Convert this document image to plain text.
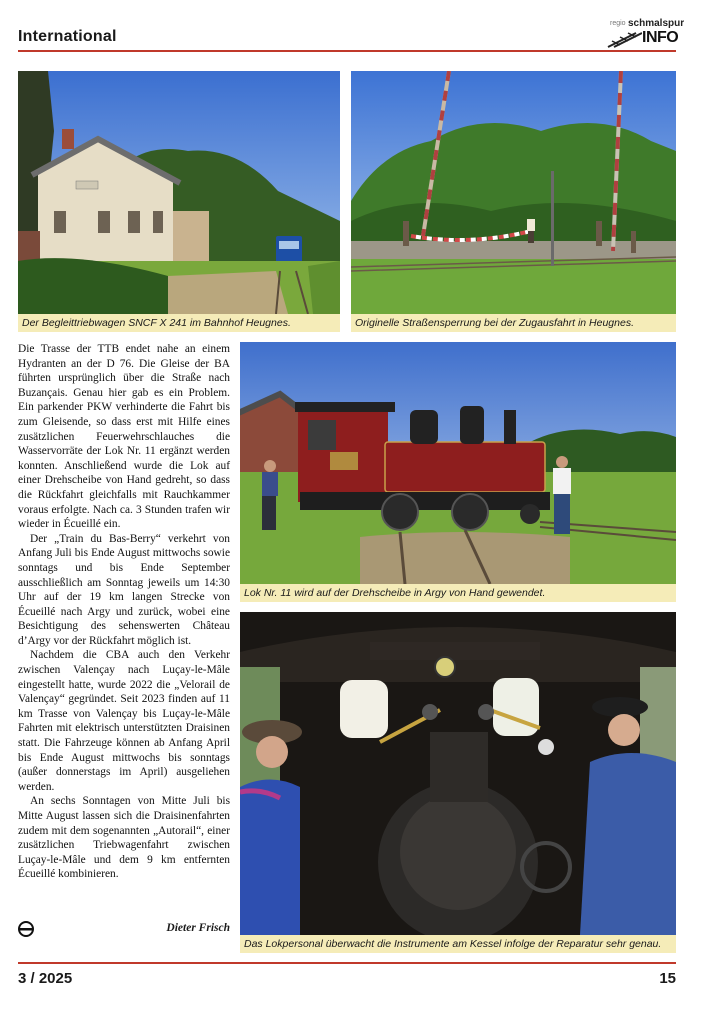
International
regio schmalspur
INFO
Der Begleittriebwagen SNCF X 241 im Bahnhof Heugnes.	Originelle Straßensperrung bei der Zugausfahrt in Heugnes.
Lok Nr. 11 wird auf der Drehscheibe in Argy von Hand gewendet.
Das Lokpersonal überwacht die Instrumente am Kessel infolge der Reparatur sehr genau.

Die Trasse der TTB endet nahe an einem Hydranten an der D 76. Die Gleise der BA führten ursprünglich über die Straße nach Buzançais. Genau hier gab es ein Problem. Ein parkender PKW verhinderte die Fahrt bis zum Gleisende, so dass erst mit Hilfe eines zusätzlichen Feuerwehrschlauches die Wasservorräte der Lok Nr. 11 ergänzt werden konnten. Anschließend wurde die Lok auf einer Drehscheibe von Hand gedreht, so dass die Rückfahrt gleichfalls mit Rauchkammer voraus erfolgte. Nach ca. 3 Stunden trafen wir wieder in Écueillé ein.

Der „Train du Bas-Berry“ verkehrt von Anfang Juli bis Ende August mittwochs sowie sonntags und bis Ende September ausschließlich am Sonntag jeweils um 14:30 Uhr auf der 19 km langen Strecke von Écueillé nach Argy und zurück, wobei eine Besichtigung des sehenswerten Château d’Argy vor der Rückfahrt möglich ist.

Nachdem die CBA auch den Verkehr zwischen Valençay nach Luçay-le-Mâle eingestellt hatte, wurde 2022 die „Velorail de Valençay“ gegründet. Seit 2023 finden auf 11 km Trasse von Valençay bis Luçay-le-Mâle Fahrten mit elektrisch unterstützten Draisinen statt. Die Fahrzeuge können ab Anfang April bis Ende August mittwochs bis sonntags (außer donnerstags im April) ausgeliehen werden.

An sechs Sonntagen von Mitte Juli bis Mitte August lassen sich die Draisinenfahrten zudem mit dem sogenannten „Autorail“, einer zusätzlichen Triebwagenfahrt zwischen Luçay-le-Mâle und dem 9 km entfernten Écueillé kombinieren.

Dieter Frisch
3 / 2025	15
